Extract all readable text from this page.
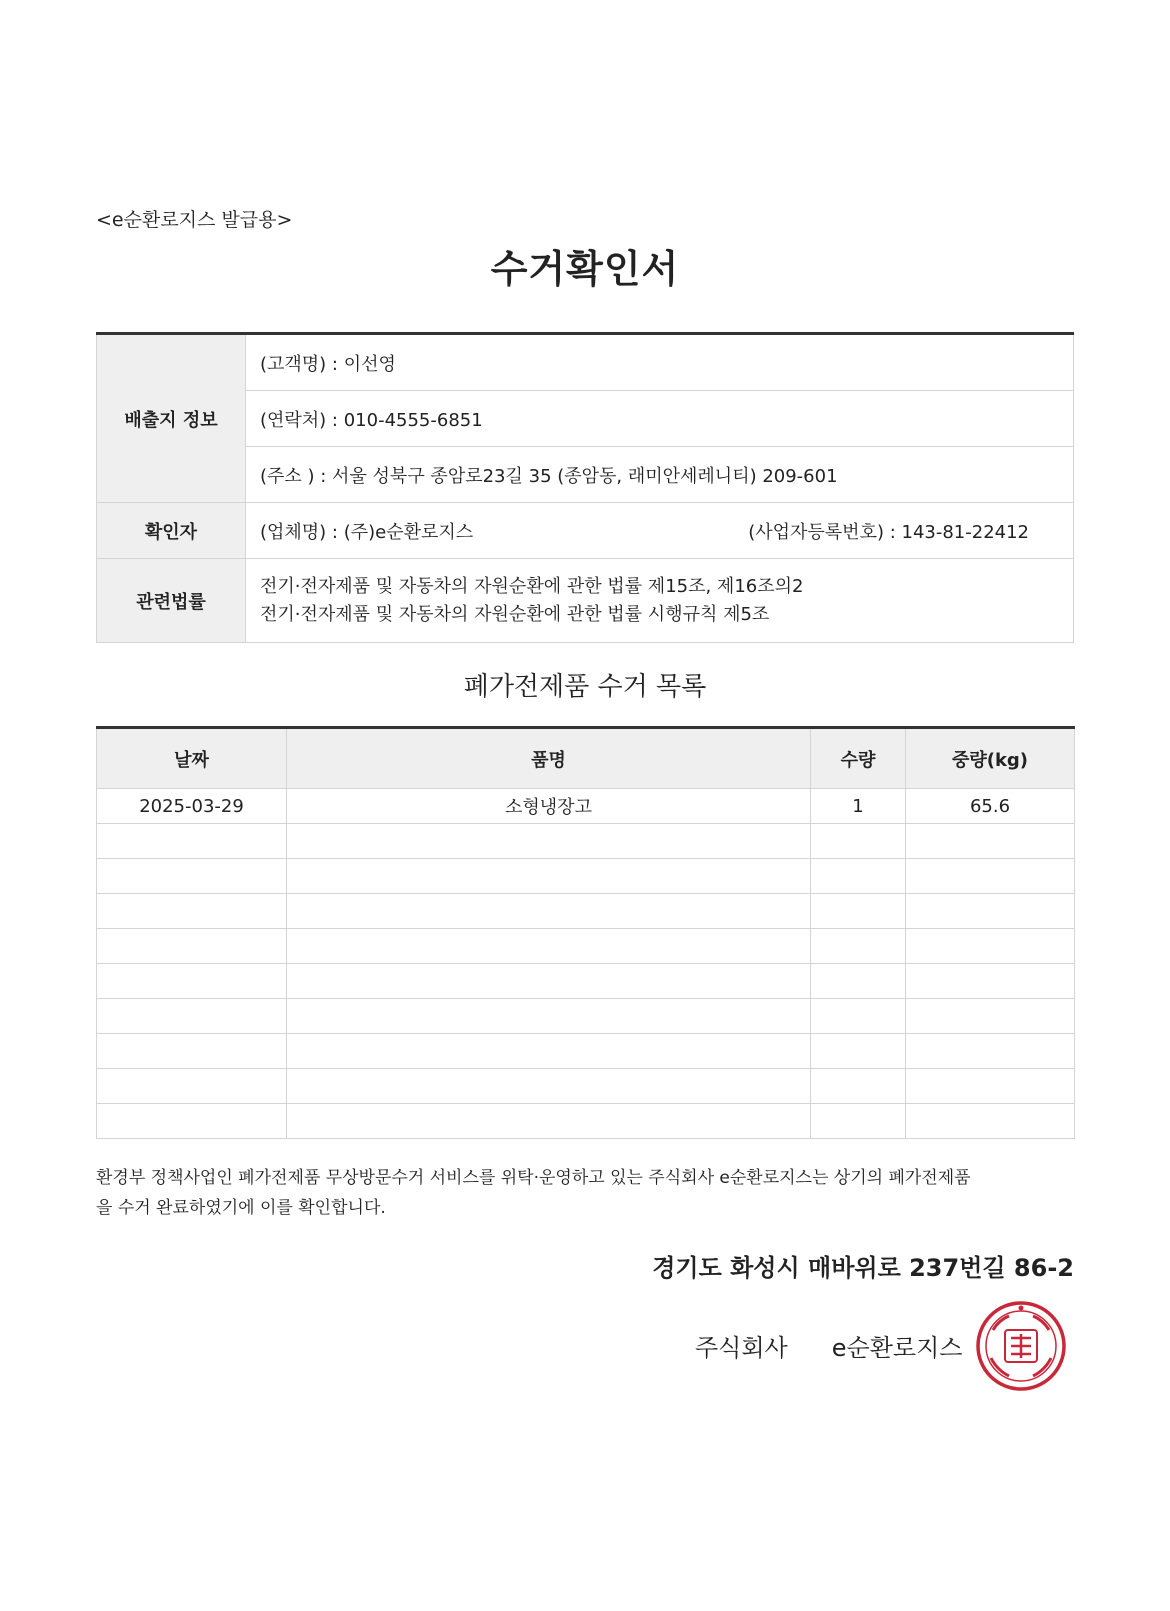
<e순환로지스 발급용>
수거확인서
배출지 정보	(고객명) : 이선영
	(연락처) : 010-4555-6851
	(주소 ) : 서울 성북구 종암로23길 35 (종암동, 래미안세레니티) 209-601
확인자	(업체명) : (주)e순환로지스 (사업자등록번호) : 143-81-22412

관련법률	전기·전자제품 및 자동차의 자원순환에 관한 법률 제15조, 제16조의2
전기·전자제품 및 자동차의 자원순환에 관한 법률 시행규칙 제5조
폐가전제품 수거 목록
날짜	품명	수량	중량(kg)
2025-03-29	소형냉장고	1	65.6

환경부 정책사업인 폐가전제품 무상방문수거 서비스를 위탁·운영하고 있는 주식회사 e순환로지스는 상기의 폐가전제품
을 수거 완료하였기에 이를 확인합니다.
경기도 화성시 매바위로 237번길 86-2
주식회사 e순환로지스
